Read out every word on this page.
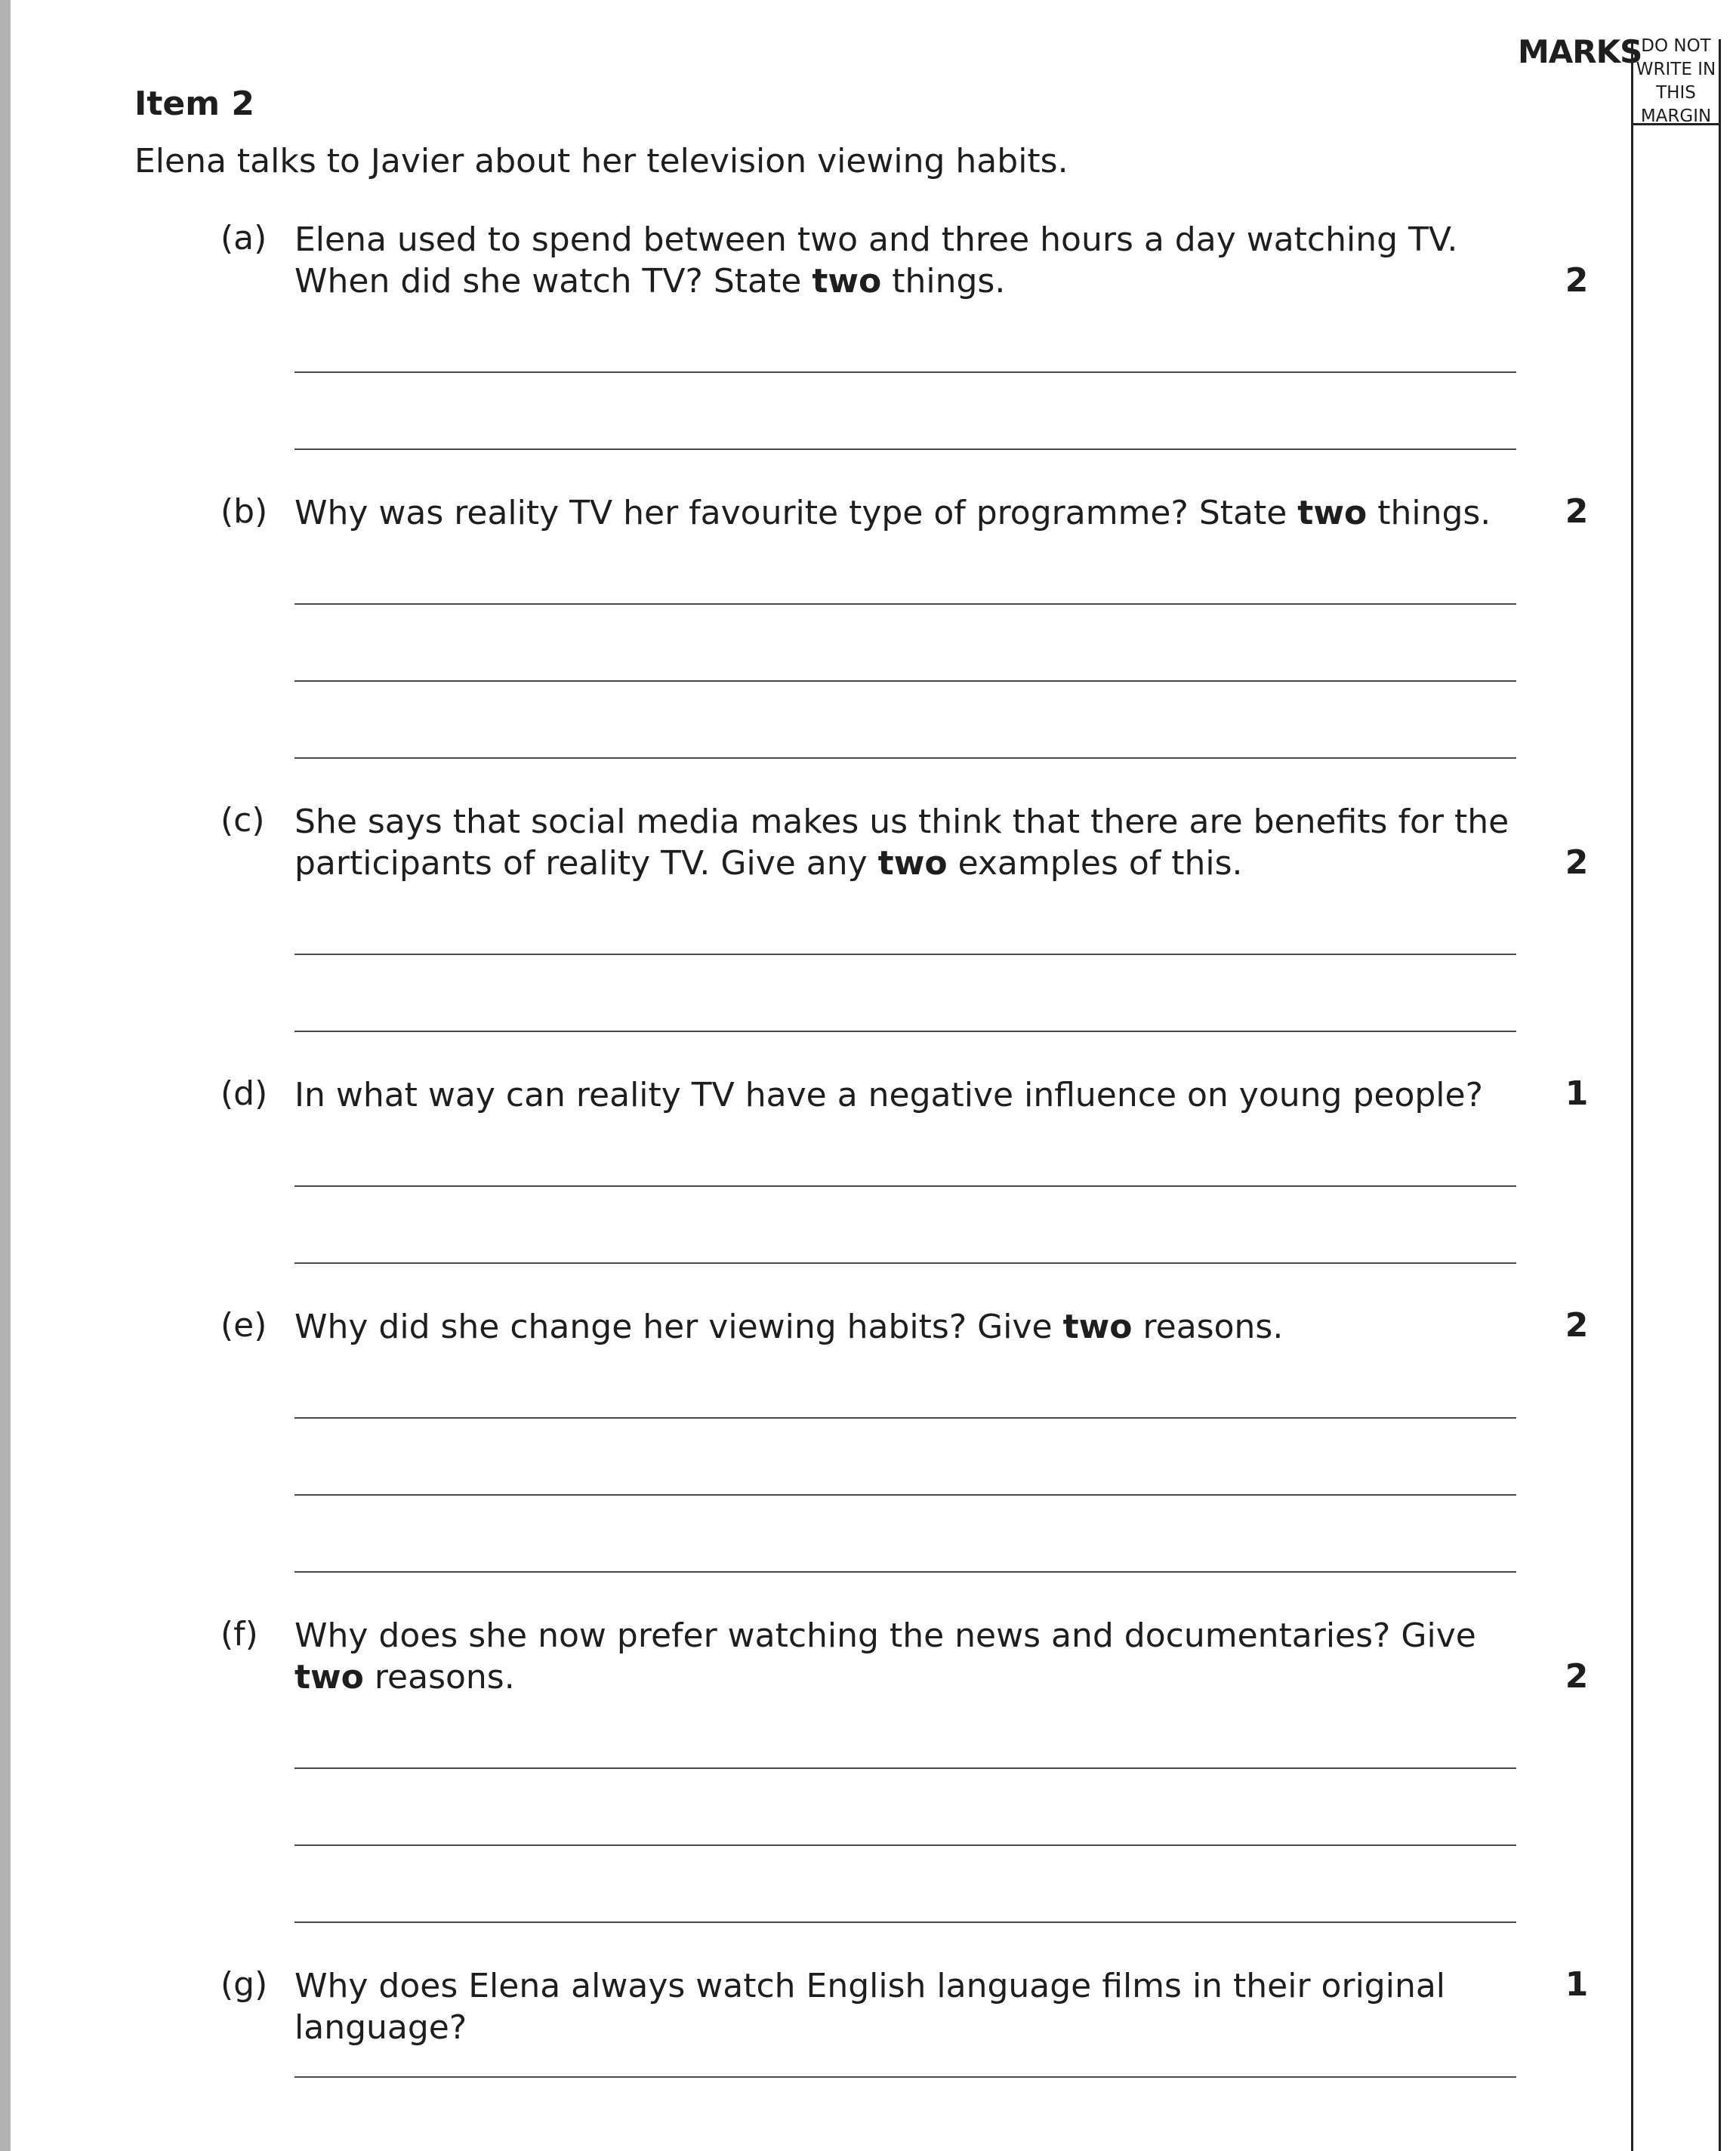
MARKS
DO NOT WRITE IN THIS MARGIN
Item 2
Elena talks to Javier about her television viewing habits.
(a) Elena used to spend between two and three hours a day watching TV. When did she watch TV? State two things.	2
(b) Why was reality TV her favourite type of programme? State two things.	2
(c) She says that social media makes us think that there are benefits for the participants of reality TV. Give any two examples of this.	2
(d) In what way can reality TV have a negative influence on young people?	1
(e) Why did she change her viewing habits? Give two reasons.	2
(f) Why does she now prefer watching the news and documentaries? Give two reasons.	2
(g) Why does Elena always watch English language films in their original language?
1
